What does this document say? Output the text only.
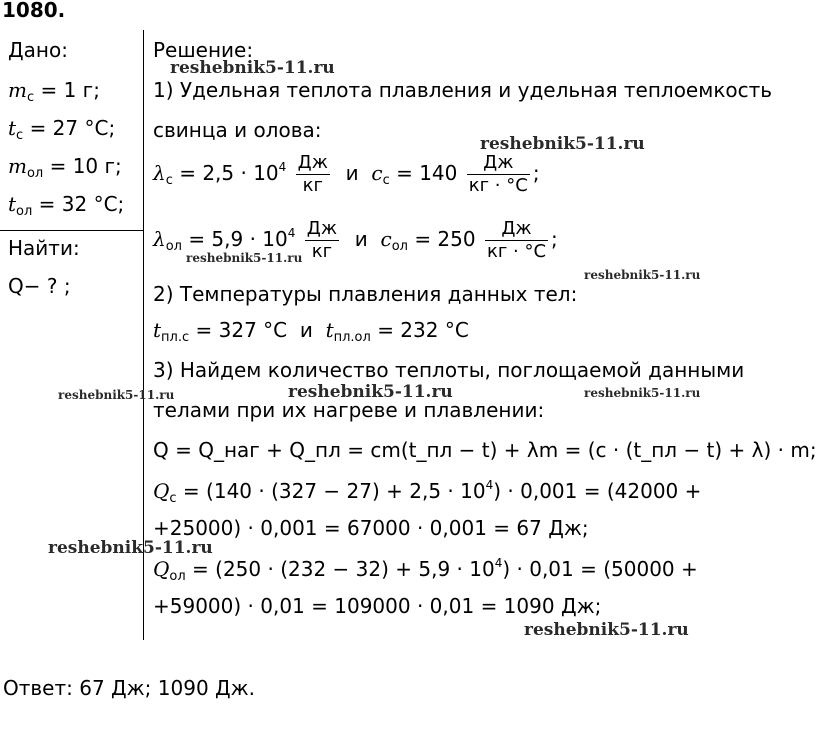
1080.
Дано:
$m_с = 1$ г;
$t_с = 27$ °C;
$m_{ол} = 10$ г;
$t_{ол} = 32$ °C;
Найти:
Q− ? ;
Решение:
1) Удельная теплота плавления и удельная теплоемкость
свинца и олова:
$\lambda_с = 2,5 \cdot 10^4 \frac{Дж}{кг}$ и $c_с = 140 \frac{Дж}{кг \cdot ^\circ C}$ ;
$\lambda_{ол} = 5,9 \cdot 10^4 \frac{Дж}{кг}$ и $c_{ол} = 250 \frac{Дж}{кг \cdot ^\circ C}$ ;
2) Температуры плавления данных тел:
$t_{пл.с} = 327$ °C и $t_{пл.ол} = 232$ °C
3) Найдем количество теплоты, поглощаемой данными
телами при их нагреве и плавлении:
Q = Q_наг + Q_пл = cm(t_пл − t) + λm = (c · (t_пл − t) + λ) · m;
$Q_с = (140 \cdot (327 - 27) + 2,5 \cdot 10^4) \cdot 0,001 = (42000$ +
+25000) · 0,001 = 67000 · 0,001 = 67 Дж;
$Q_{ол} = (250 \cdot (232 - 32) + 5,9 \cdot 10^4) \cdot 0,01 = (50000$ +
+59000) · 0,01 = 109000 · 0,01 = 1090 Дж;
Ответ: 67 Дж; 1090 Дж.
reshebnik5-11.ru
reshebnik5-11.ru
reshebnik5-11.ru
reshebnik5-11.ru
reshebnik5-11.ru
reshebnik5-11.ru	reshebnik5-11.ru
reshebnik5-11.ru
reshebnik5-11.ru
